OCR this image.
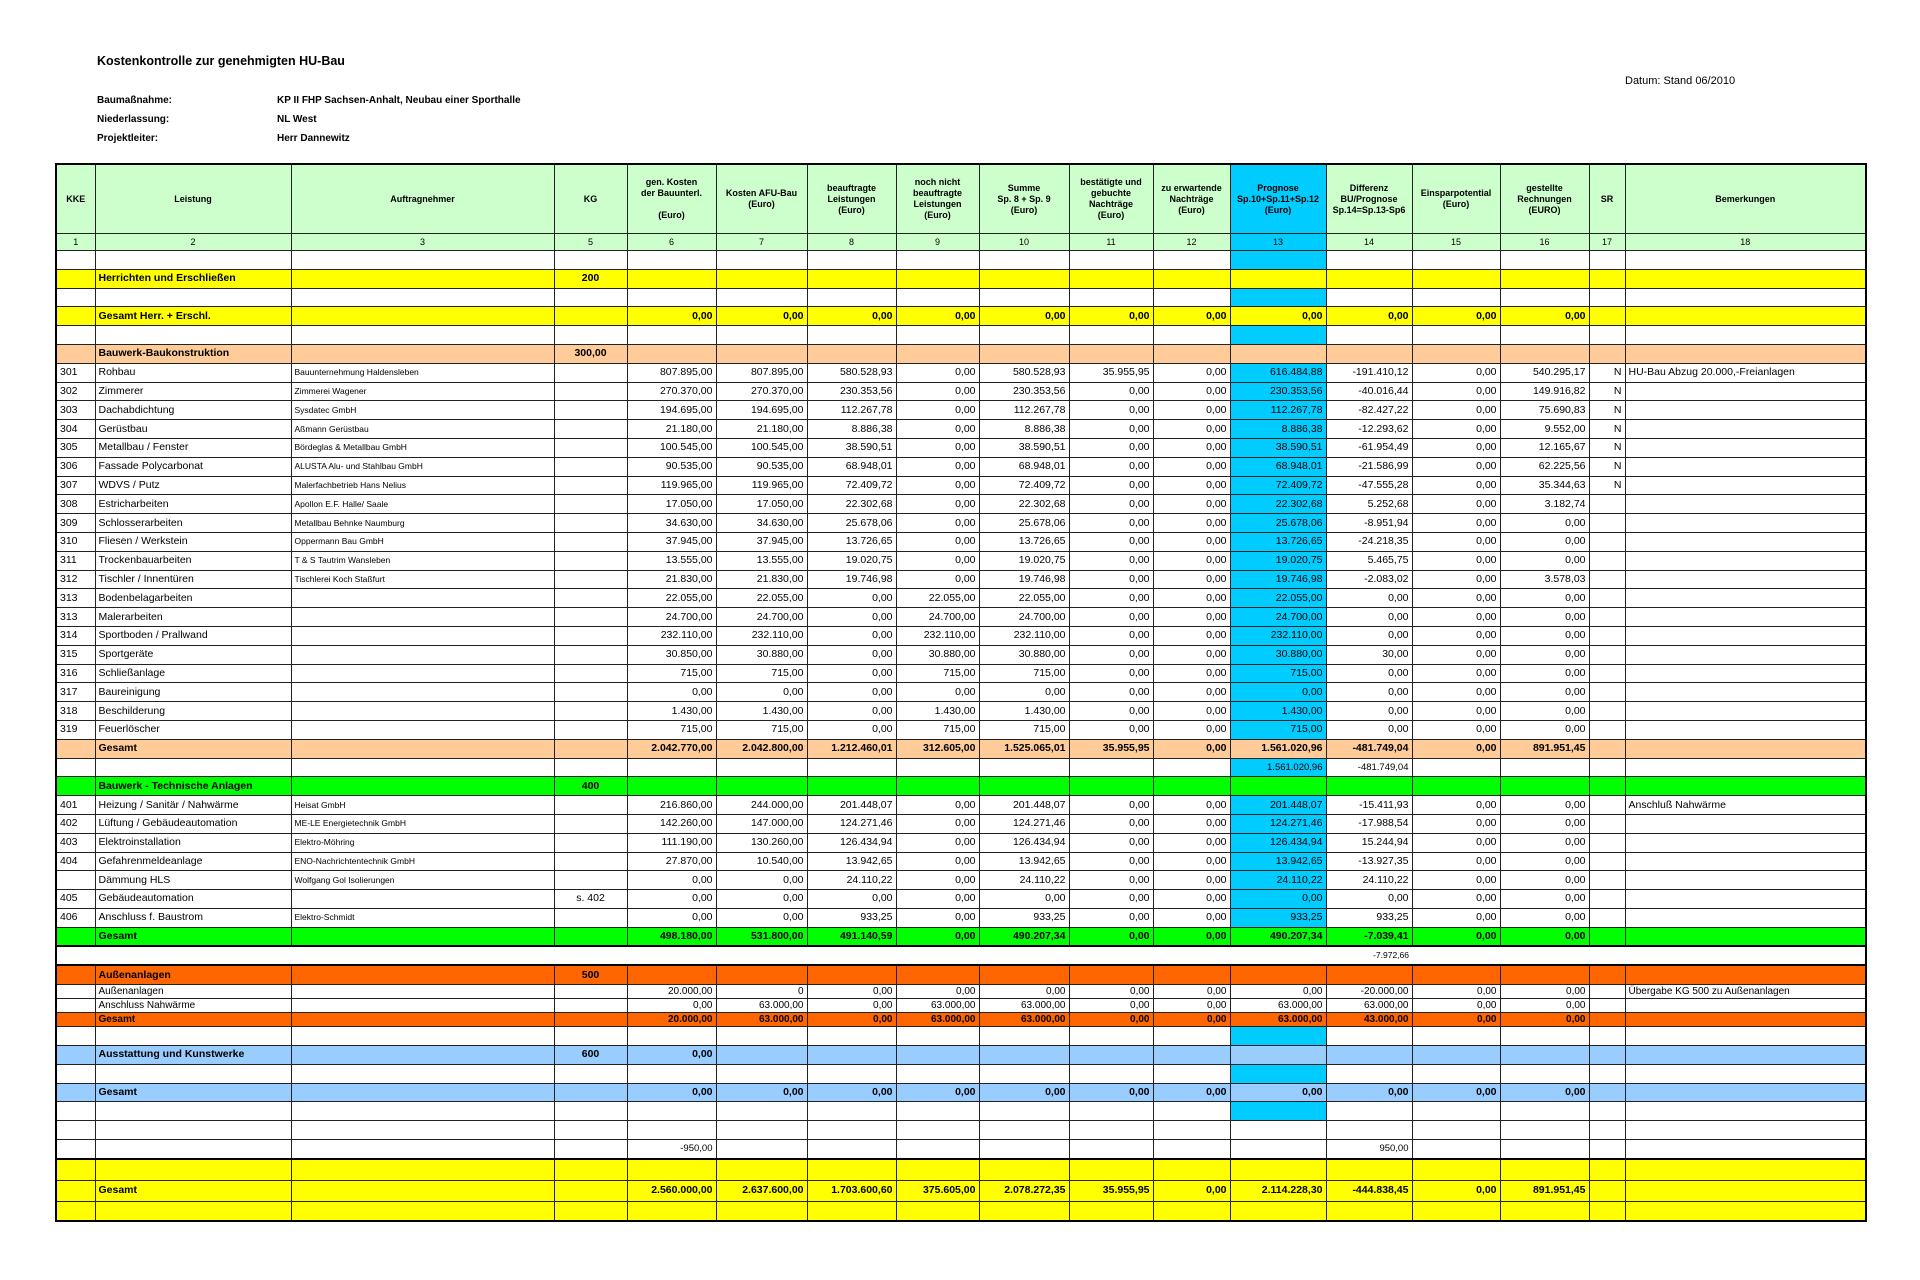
Kostenkontrolle zur genehmigten HU-Bau
Datum: Stand 06/2010
Baumaßnahme:	KP II FHP Sachsen-Anhalt, Neubau einer Sporthalle
Niederlassung:	NL West
Projektleiter:	Herr Dannewitz
KKE	Leistung	Auftragnehmer	KG	gen. Kosten
der Bauunterl.

(Euro)	Kosten AFU-Bau
(Euro)	beauftragte
Leistungen
(Euro)	noch nicht
beauftragte
Leistungen
(Euro)	Summe
Sp. 8 + Sp. 9
(Euro)	bestätigte und
gebuchte
Nachträge
(Euro)	zu erwartende
Nachträge
(Euro)	Prognose
Sp.10+Sp.11+Sp.12
(Euro)	Differenz
BU/Prognose
Sp.14=Sp.13-Sp6	Einsparpotential
(Euro)	gestellte
Rechnungen
(EURO)	SR	Bemerkungen
1	2	3	5	6	7	8	9	10	11	12	13	14	15	16	17	18

	Herrichten und Erschließen		200													

	Gesamt Herr. + Erschl.			0,00	0,00	0,00	0,00	0,00	0,00	0,00	0,00	0,00	0,00	0,00		

	Bauwerk-Baukonstruktion		300,00													
301	Rohbau	Bauunternehmung Haldensleben		807.895,00	807.895,00	580.528,93	0,00	580.528,93	35.955,95	0,00	616.484,88	-191.410,12	0,00	540.295,17	N	HU-Bau Abzug 20.000,-Freianlagen
302	Zimmerer	Zimmerei Wagener		270.370,00	270.370,00	230.353,56	0,00	230.353,56	0,00	0,00	230.353,56	-40.016,44	0,00	149.916,82	N	
303	Dachabdichtung	Sysdatec GmbH		194.695,00	194.695,00	112.267,78	0,00	112.267,78	0,00	0,00	112.267,78	-82.427,22	0,00	75.690,83	N	
304	Gerüstbau	Aßmann Gerüstbau		21.180,00	21.180,00	8.886,38	0,00	8.886,38	0,00	0,00	8.886,38	-12.293,62	0,00	9.552,00	N	
305	Metallbau / Fenster	Bördeglas & Metallbau GmbH		100.545,00	100.545,00	38.590,51	0,00	38.590,51	0,00	0,00	38.590,51	-61.954,49	0,00	12.165,67	N	
306	Fassade Polycarbonat	ALUSTA Alu- und Stahlbau GmbH		90.535,00	90.535,00	68.948,01	0,00	68.948,01	0,00	0,00	68.948,01	-21.586,99	0,00	62.225,56	N	
307	WDVS / Putz	Malerfachbetrieb Hans Nelius		119.965,00	119.965,00	72.409,72	0,00	72.409,72	0,00	0,00	72.409,72	-47.555,28	0,00	35.344,63	N	
308	Estricharbeiten	Apollon E.F. Halle/ Saale		17.050,00	17.050,00	22.302,68	0,00	22.302,68	0,00	0,00	22.302,68	5.252,68	0,00	3.182,74		
309	Schlosserarbeiten	Metallbau Behnke Naumburg		34.630,00	34.630,00	25.678,06	0,00	25.678,06	0,00	0,00	25.678,06	-8.951,94	0,00	0,00		
310	Fliesen / Werkstein	Oppermann Bau GmbH		37.945,00	37.945,00	13.726,65	0,00	13.726,65	0,00	0,00	13.726,65	-24.218,35	0,00	0,00		
311	Trockenbauarbeiten	T & S Tautrim Wansleben		13.555,00	13.555,00	19.020,75	0,00	19.020,75	0,00	0,00	19.020,75	5.465,75	0,00	0,00		
312	Tischler / Innentüren	Tischlerei Koch Staßfurt		21.830,00	21.830,00	19.746,98	0,00	19.746,98	0,00	0,00	19.746,98	-2.083,02	0,00	3.578,03		
313	Bodenbelagarbeiten			22.055,00	22.055,00	0,00	22.055,00	22.055,00	0,00	0,00	22.055,00	0,00	0,00	0,00		
313	Malerarbeiten			24.700,00	24.700,00	0,00	24.700,00	24.700,00	0,00	0,00	24.700,00	0,00	0,00	0,00		
314	Sportboden / Prallwand			232.110,00	232.110,00	0,00	232.110,00	232.110,00	0,00	0,00	232.110,00	0,00	0,00	0,00		
315	Sportgeräte			30.850,00	30.880,00	0,00	30.880,00	30.880,00	0,00	0,00	30.880,00	30,00	0,00	0,00		
316	Schließanlage			715,00	715,00	0,00	715,00	715,00	0,00	0,00	715,00	0,00	0,00	0,00		
317	Baureinigung			0,00	0,00	0,00	0,00	0,00	0,00	0,00	0,00	0,00	0,00	0,00		
318	Beschilderung			1.430,00	1.430,00	0,00	1.430,00	1.430,00	0,00	0,00	1.430,00	0,00	0,00	0,00		
319	Feuerlöscher			715,00	715,00	0,00	715,00	715,00	0,00	0,00	715,00	0,00	0,00	0,00		
	Gesamt			2.042.770,00	2.042.800,00	1.212.460,01	312.605,00	1.525.065,01	35.955,95	0,00	1.561.020,96	-481.749,04	0,00	891.951,45		
											1.561.020,96	-481.749,04				
	Bauwerk - Technische Anlagen		400													
401	Heizung / Sanitär / Nahwärme	Heisat GmbH		216.860,00	244.000,00	201.448,07	0,00	201.448,07	0,00	0,00	201.448,07	-15.411,93	0,00	0,00		Anschluß Nahwärme
402	Lüftung / Gebäudeautomation	ME-LE Energietechnik GmbH		142.260,00	147.000,00	124.271,46	0,00	124.271,46	0,00	0,00	124.271,46	-17.988,54	0,00	0,00		
403	Elektroinstallation	Elektro-Möhring		111.190,00	130.260,00	126.434,94	0,00	126.434,94	0,00	0,00	126.434,94	15.244,94	0,00	0,00		
404	Gefahrenmeldeanlage	ENO-Nachrichtentechnik GmbH		27.870,00	10.540,00	13.942,65	0,00	13.942,65	0,00	0,00	13.942,65	-13.927,35	0,00	0,00		
	Dämmung HLS	Wolfgang Gol Isolierungen		0,00	0,00	24.110,22	0,00	24.110,22	0,00	0,00	24.110,22	24.110,22	0,00	0,00		
405	Gebäudeautomation		s. 402	0,00	0,00	0,00	0,00	0,00	0,00	0,00	0,00	0,00	0,00	0,00		
406	Anschluss f. Baustrom	Elektro-Schmidt		0,00	0,00	933,25	0,00	933,25	0,00	0,00	933,25	933,25	0,00	0,00		
	Gesamt			498.180,00	531.800,00	491.140,59	0,00	490.207,34	0,00	0,00	490.207,34	-7.039,41	0,00	0,00		
												-7.972,66				
	Außenanlagen		500													
	Außenanlagen			20.000,00	0	0,00	0,00	0,00	0,00	0,00	0,00	-20.000,00	0,00	0,00		Übergabe KG 500 zu Außenanlagen
	Anschluss Nahwärme			0,00	63.000,00	0,00	63.000,00	63.000,00	0,00	0,00	63.000,00	63.000,00	0,00	0,00		
	Gesamt			20.000,00	63.000,00	0,00	63.000,00	63.000,00	0,00	0,00	63.000,00	43.000,00	0,00	0,00		

	Ausstattung und Kunstwerke		600	0,00												

	Gesamt			0,00	0,00	0,00	0,00	0,00	0,00	0,00	0,00	0,00	0,00	0,00		

				-950,00								950,00				

	Gesamt			2.560.000,00	2.637.600,00	1.703.600,60	375.605,00	2.078.272,35	35.955,95	0,00	2.114.228,30	-444.838,45	0,00	891.951,45		
